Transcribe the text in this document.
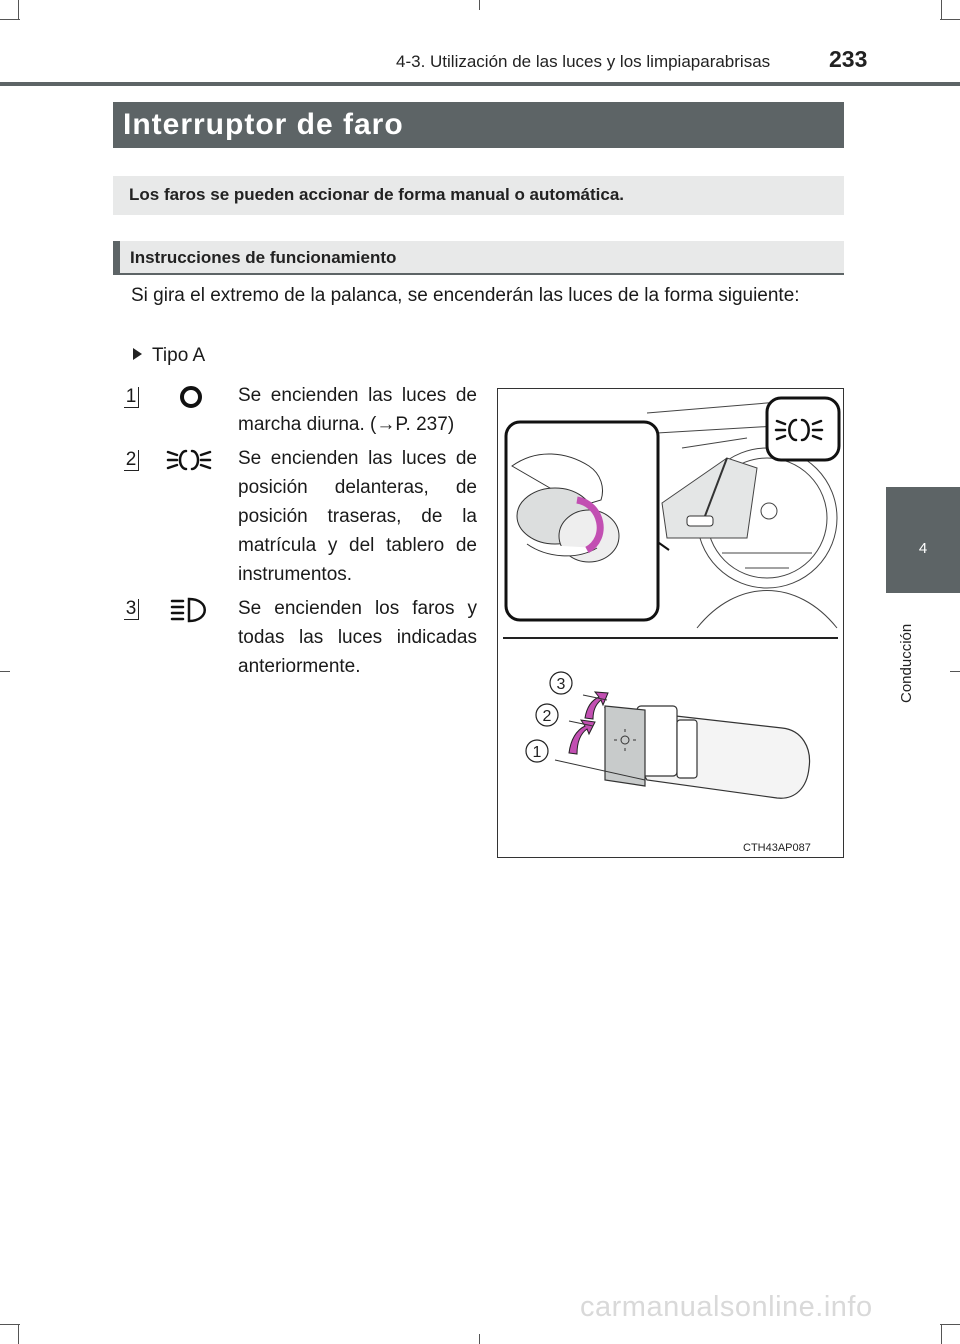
4-3. Utilización de las luces y los limpiaparabrisas	233
4
Conducción
Interruptor de faro
Los faros se pueden accionar de forma manual o automática.
Instrucciones de funcionamiento
Si gira el extremo de la palanca, se encenderán las luces de la forma siguiente:
Tipo A
1	Se encienden las luces de marcha diurna. (→P. 237)
2	Se encienden las luces de posición delanteras, de posición traseras, de la matrícula y del tablero de instrumentos.
3	Se encienden los faros y todas las luces indicadas anteriormente.
3
2
1
CTH43AP087
carmanualsonline.info
